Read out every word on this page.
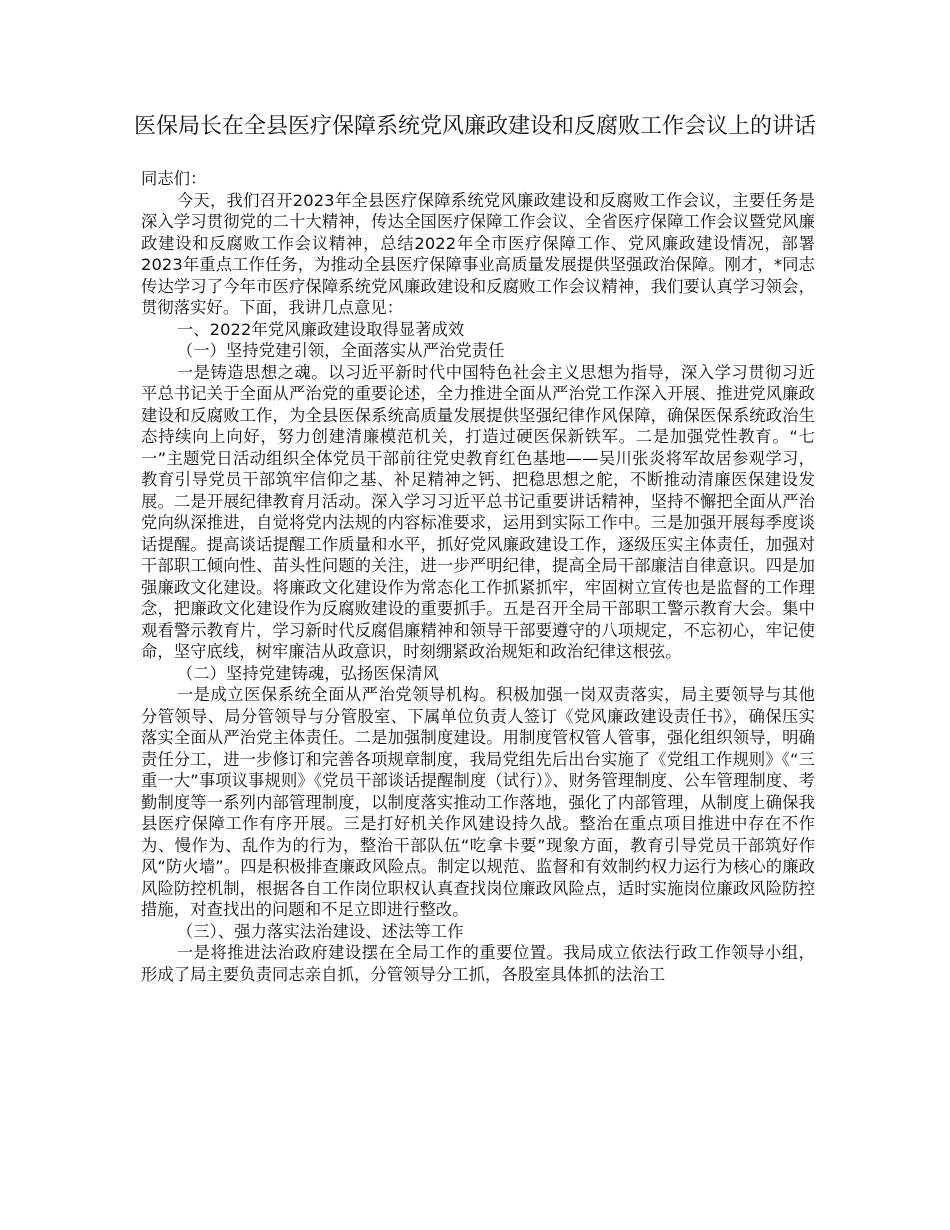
医保局长在全县医疗保障系统党风廉政建设和反腐败工作会议上的讲话

同志们：

今天，我们召开2023年全县医疗保障系统党风廉政建设和反腐败工作会议，主要任务是深入学习贯彻党的二十大精神，传达全国医疗保障工作会议、全省医疗保障工作会议暨党风廉政建设和反腐败工作会议精神，总结2022年全市医疗保障工作、党风廉政建设情况，部署2023年重点工作任务，为推动全县医疗保障事业高质量发展提供坚强政治保障。刚才，*同志传达学习了今年市医疗保障系统党风廉政建设和反腐败工作会议精神，我们要认真学习领会，贯彻落实好。下面，我讲几点意见：

一、2022年党风廉政建设取得显著成效

（一）坚持党建引领，全面落实从严治党责任

一是铸造思想之魂。以习近平新时代中国特色社会主义思想为指导，深入学习贯彻习近平总书记关于全面从严治党的重要论述，全力推进全面从严治党工作深入开展、推进党风廉政建设和反腐败工作，为全县医保系统高质量发展提供坚强纪律作风保障，确保医保系统政治生态持续向上向好，努力创建清廉模范机关，打造过硬医保新铁军。二是加强党性教育。“七一”主题党日活动组织全体党员干部前往党史教育红色基地——吴川张炎将军故居参观学习，教育引导党员干部筑牢信仰之基、补足精神之钙、把稳思想之舵，不断推动清廉医保建设发展。二是开展纪律教育月活动。深入学习习近平总书记重要讲话精神，坚持不懈把全面从严治党向纵深推进，自觉将党内法规的内容标准要求，运用到实际工作中。三是加强开展每季度谈话提醒。提高谈话提醒工作质量和水平，抓好党风廉政建设工作，逐级压实主体责任，加强对干部职工倾向性、苗头性问题的关注，进一步严明纪律，提高全局干部廉洁自律意识。四是加强廉政文化建设。将廉政文化建设作为常态化工作抓紧抓牢，牢固树立宣传也是监督的工作理念，把廉政文化建设作为反腐败建设的重要抓手。五是召开全局干部职工警示教育大会。集中观看警示教育片，学习新时代反腐倡廉精神和领导干部要遵守的八项规定，不忘初心，牢记使命，坚守底线，树牢廉洁从政意识，时刻绷紧政治规矩和政治纪律这根弦。

（二）坚持党建铸魂，弘扬医保清风

一是成立医保系统全面从严治党领导机构。积极加强一岗双责落实，局主要领导与其他分管领导、局分管领导与分管股室、下属单位负责人签订《党风廉政建设责任书》，确保压实落实全面从严治党主体责任。二是加强制度建设。用制度管权管人管事，强化组织领导，明确责任分工，进一步修订和完善各项规章制度，我局党组先后出台实施了《党组工作规则》《“三重一大”事项议事规则》《党员干部谈话提醒制度（试行）》、财务管理制度、公车管理制度、考勤制度等一系列内部管理制度，以制度落实推动工作落地，强化了内部管理，从制度上确保我县医疗保障工作有序开展。三是打好机关作风建设持久战。整治在重点项目推进中存在不作为、慢作为、乱作为的行为，整治干部队伍“吃拿卡要”现象方面，教育引导党员干部筑好作风“防火墙”。四是积极排查廉政风险点。制定以规范、监督和有效制约权力运行为核心的廉政风险防控机制，根据各自工作岗位职权认真查找岗位廉政风险点，适时实施岗位廉政风险防控措施，对查找出的问题和不足立即进行整改。

（三）、强力落实法治建设、述法等工作

一是将推进法治政府建设摆在全局工作的重要位置。我局成立依法行政工作领导小组，形成了局主要负责同志亲自抓，分管领导分工抓，各股室具体抓的法治工
